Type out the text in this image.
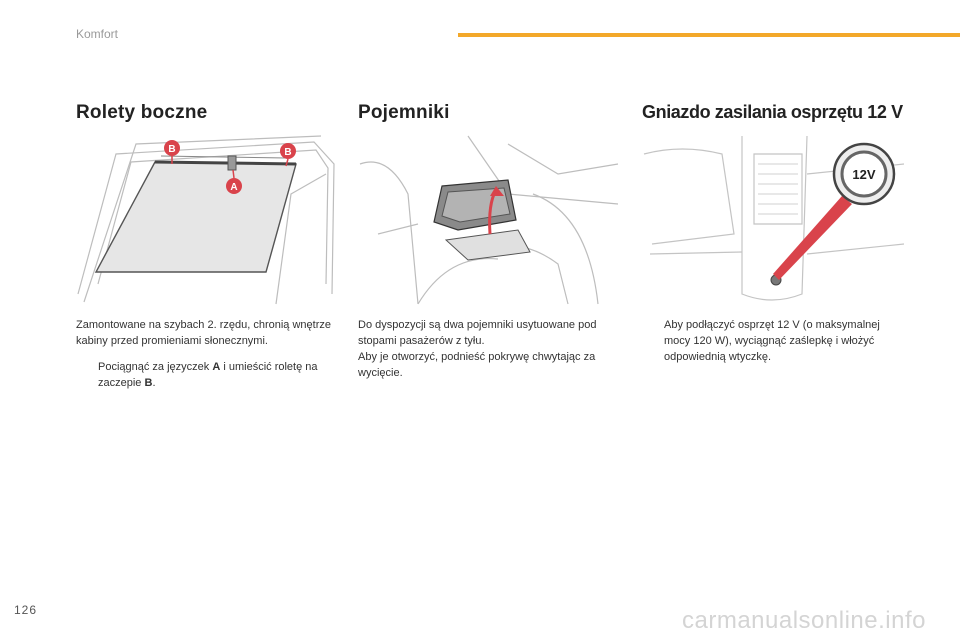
Komfort
Rolety boczne
B	B
A

Zamontowane na szybach 2. rzędu, chronią wnętrze kabiny przed promieniami słonecznymi.

Pociągnąć za języczek A i umieścić roletę na zaczepie B.

Pojemniki

Do dyspozycji są dwa pojemniki usytuowane pod stopami pasażerów z tyłu.

Aby je otworzyć, podnieść pokrywę chwytając za wycięcie.

Gniazdo zasilania osprzętu 12 V
12V

Aby podłączyć osprzęt 12 V (o maksymalnej mocy 120 W), wyciągnąć zaślepkę i włożyć odpowiednią wtyczkę.

126	carmanualsonline.info
